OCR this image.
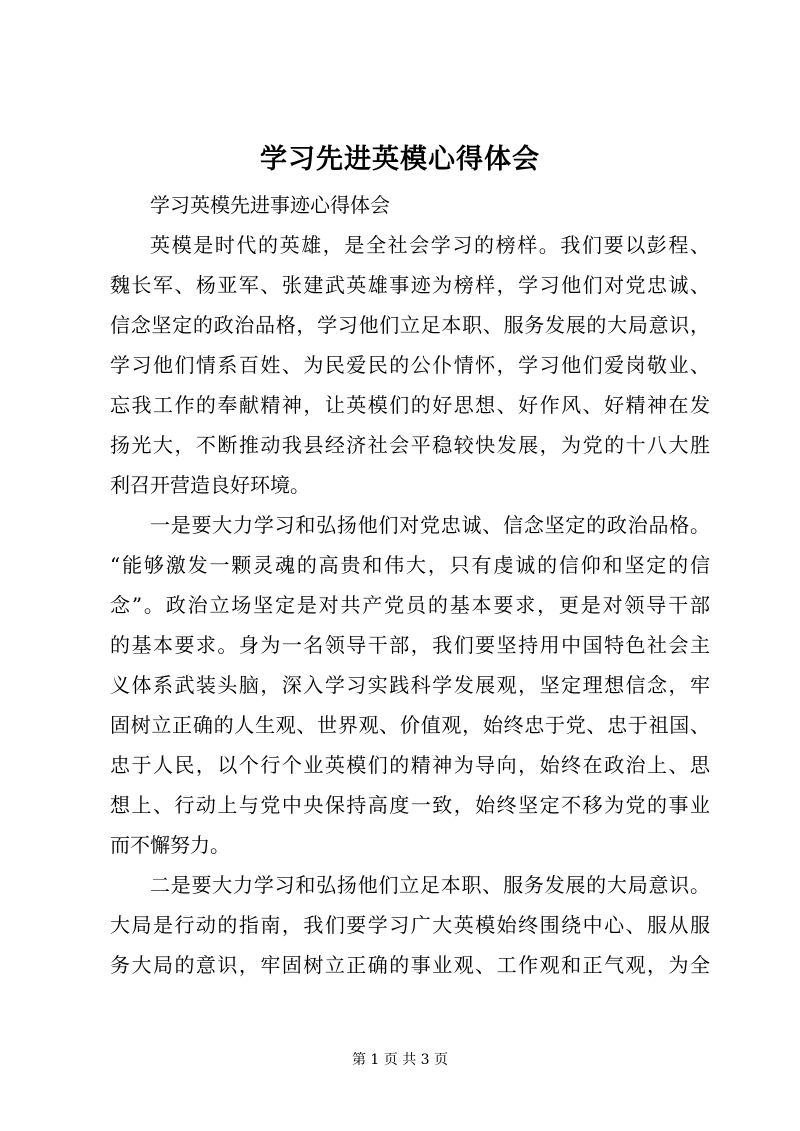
学习先进英模心得体会

学习英模先进事迹心得体会

英模是时代的英雄，是全社会学习的榜样。我们要以彭程、

魏长军、杨亚军、张建武英雄事迹为榜样，学习他们对党忠诚、

信念坚定的政治品格，学习他们立足本职、服务发展的大局意识，

学习他们情系百姓、为民爱民的公仆情怀，学习他们爱岗敬业、

忘我工作的奉献精神，让英模们的好思想、好作风、好精神在发

扬光大，不断推动我县经济社会平稳较快发展，为党的十八大胜

利召开营造良好环境。

一是要大力学习和弘扬他们对党忠诚、信念坚定的政治品格。

“能够激发一颗灵魂的高贵和伟大，只有虔诚的信仰和坚定的信

念”。政治立场坚定是对共产党员的基本要求，更是对领导干部

的基本要求。身为一名领导干部，我们要坚持用中国特色社会主

义体系武装头脑，深入学习实践科学发展观，坚定理想信念，牢

固树立正确的人生观、世界观、价值观，始终忠于党、忠于祖国、

忠于人民，以个行个业英模们的精神为导向，始终在政治上、思

想上、行动上与党中央保持高度一致，始终坚定不移为党的事业

而不懈努力。

二是要大力学习和弘扬他们立足本职、服务发展的大局意识。

大局是行动的指南，我们要学习广大英模始终围绕中心、服从服

务大局的意识，牢固树立正确的事业观、工作观和正气观，为全

第 1 页 共 3 页
